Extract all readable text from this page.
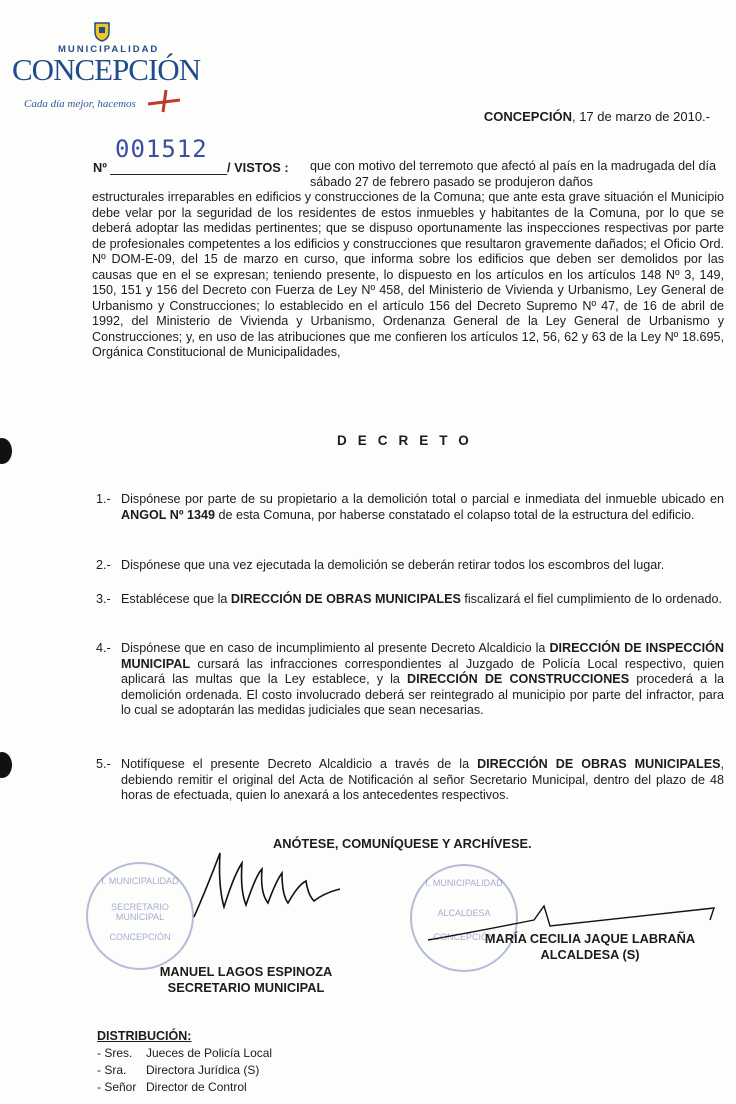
MUNICIPALIDAD
CONCEPCIÓN
Cada día mejor, hacemos
CONCEPCIÓN, 17 de marzo de 2010.-
001512
Nº	/ VISTOS : que con motivo del terremoto que afectó al país en la madrugada del día sábado 27 de febrero pasado se produjeron daños
estructurales irreparables en edificios y construcciones de la Comuna; que ante esta grave situación el Municipio debe velar por la seguridad de los residentes de estos inmuebles y habitantes de la Comuna, por lo que se deberá adoptar las medidas pertinentes; que se dispuso oportunamente las inspecciones respectivas por parte de profesionales competentes a los edificios y construcciones que resultaron gravemente dañados; el Oficio Ord. Nº DOM-E-09, del 15 de marzo en curso, que informa sobre los edificios que deben ser demolidos por las causas que en el se expresan; teniendo presente, lo dispuesto en los artículos en los artículos 148 Nº 3, 149, 150, 151 y 156 del Decreto con Fuerza de Ley Nº 458, del Ministerio de Vivienda y Urbanismo, Ley General de Urbanismo y Construcciones; lo establecido en el artículo 156 del Decreto Supremo Nº 47, de 16 de abril de 1992, del Ministerio de Vivienda y Urbanismo, Ordenanza General de la Ley General de Urbanismo y Construcciones; y, en uso de las atribuciones que me confieren los artículos 12, 56, 62 y 63 de la Ley Nº 18.695, Orgánica Constitucional de Municipalidades,
DECRETO
1.- Dispónese por parte de su propietario a la demolición total o parcial e inmediata del inmueble ubicado en ANGOL Nº 1349 de esta Comuna, por haberse constatado el colapso total de la estructura del edificio.
2.- Dispónese que una vez ejecutada la demolición se deberán retirar todos los escombros del lugar.
3.- Establécese que la DIRECCIÓN DE OBRAS MUNICIPALES fiscalizará el fiel cumplimiento de lo ordenado.
4.- Dispónese que en caso de incumplimiento al presente Decreto Alcaldicio la DIRECCIÓN DE INSPECCIÓN MUNICIPAL cursará las infracciones correspondientes al Juzgado de Policía Local respectivo, quien aplicará las multas que la Ley establece, y la DIRECCIÓN DE CONSTRUCCIONES procederá a la demolición ordenada. El costo involucrado deberá ser reintegrado al municipio por parte del infractor, para lo cual se adoptarán las medidas judiciales que sean necesarias.
5.- Notifíquese el presente Decreto Alcaldicio a través de la DIRECCIÓN DE OBRAS MUNICIPALES, debiendo remitir el original del Acta de Notificación al señor Secretario Municipal, dentro del plazo de 48 horas de efectuada, quien lo anexará a los antecedentes respectivos.
ANÓTESE, COMUNÍQUESE Y ARCHÍVESE.
I. MUNICIPALIDAD
SECRETARIO MUNICIPAL
CONCEPCIÓN
I. MUNICIPALIDAD
ALCALDESA
CONCEPCIÓN
MANUEL LAGOS ESPINOZA
SECRETARIO MUNICIPAL
MARÍA CECILIA JAQUE LABRAÑA
ALCALDESA (S)
DISTRIBUCIÓN:
- Sres. Jueces de Policía Local
- Sra. Directora Jurídica (S)
- Señor Director de Control
